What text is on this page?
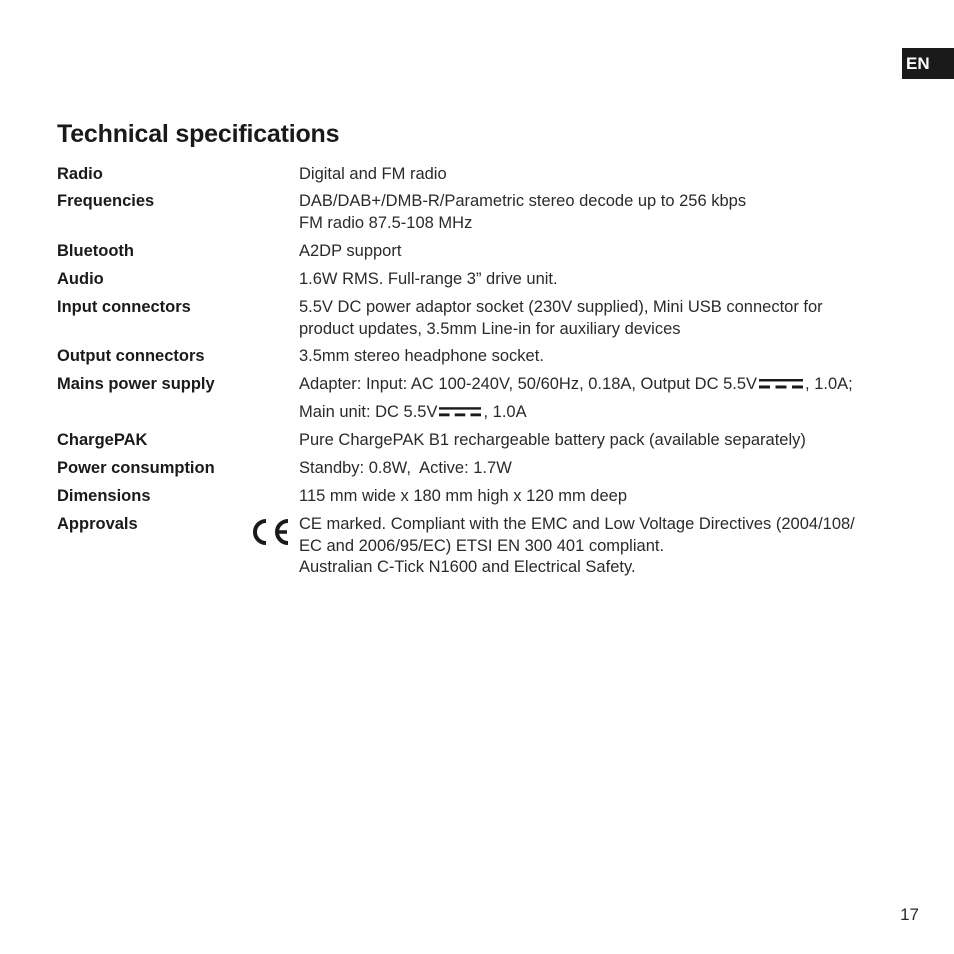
EN
Technical specifications
Radio	Digital and FM radio
Frequencies	DAB/DAB+/DMB-R/Parametric stereo decode up to 256 kbps
FM radio 87.5-108 MHz
Bluetooth	A2DP support
Audio	1.6W RMS. Full-range 3” drive unit.
Input connectors	5.5V DC power adaptor socket (230V supplied), Mini USB connector for
product updates, 3.5mm Line-in for auxiliary devices
Output connectors	3.5mm stereo headphone socket.
Mains power supply	Adapter: Input: AC 100-240V, 50/60Hz, 0.18A, Output DC 5.5V	, 1.0A;
Main unit: DC 5.5V	, 1.0A
ChargePAK	Pure ChargePAK B1 rechargeable battery pack (available separately)
Power consumption	Standby: 0.8W,  Active: 1.7W
Dimensions	115 mm wide x 180 mm high x 120 mm deep
Approvals	CE marked. Compliant with the EMC and Low Voltage Directives (2004/108/
EC and 2006/95/EC) ETSI EN 300 401 compliant.
Australian C-Tick N1600 and Electrical Safety.
17
